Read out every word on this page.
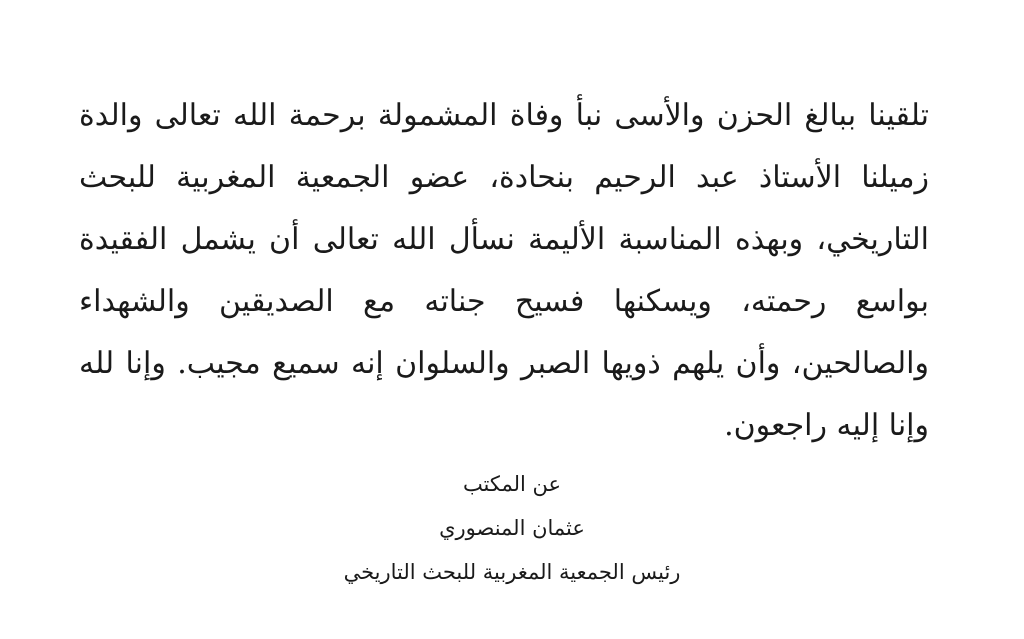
تلقينا ببالغ الحزن والأسى نبأ وفاة المشمولة برحمة الله تعالى والدة زميلنا الأستاذ عبد الرحيم بنحادة، عضو الجمعية المغربية للبحث التاريخي، وبهذه المناسبة الأليمة نسأل الله تعالى أن يشمل الفقيدة بواسع رحمته، ويسكنها فسيح جناته مع الصديقين والشهداء والصالحين، وأن يلهم ذويها الصبر والسلوان إنه سميع مجيب. وإنا لله وإنا إليه راجعون.

عن المكتب
عثمان المنصوري
رئيس الجمعية المغربية للبحث التاريخي
